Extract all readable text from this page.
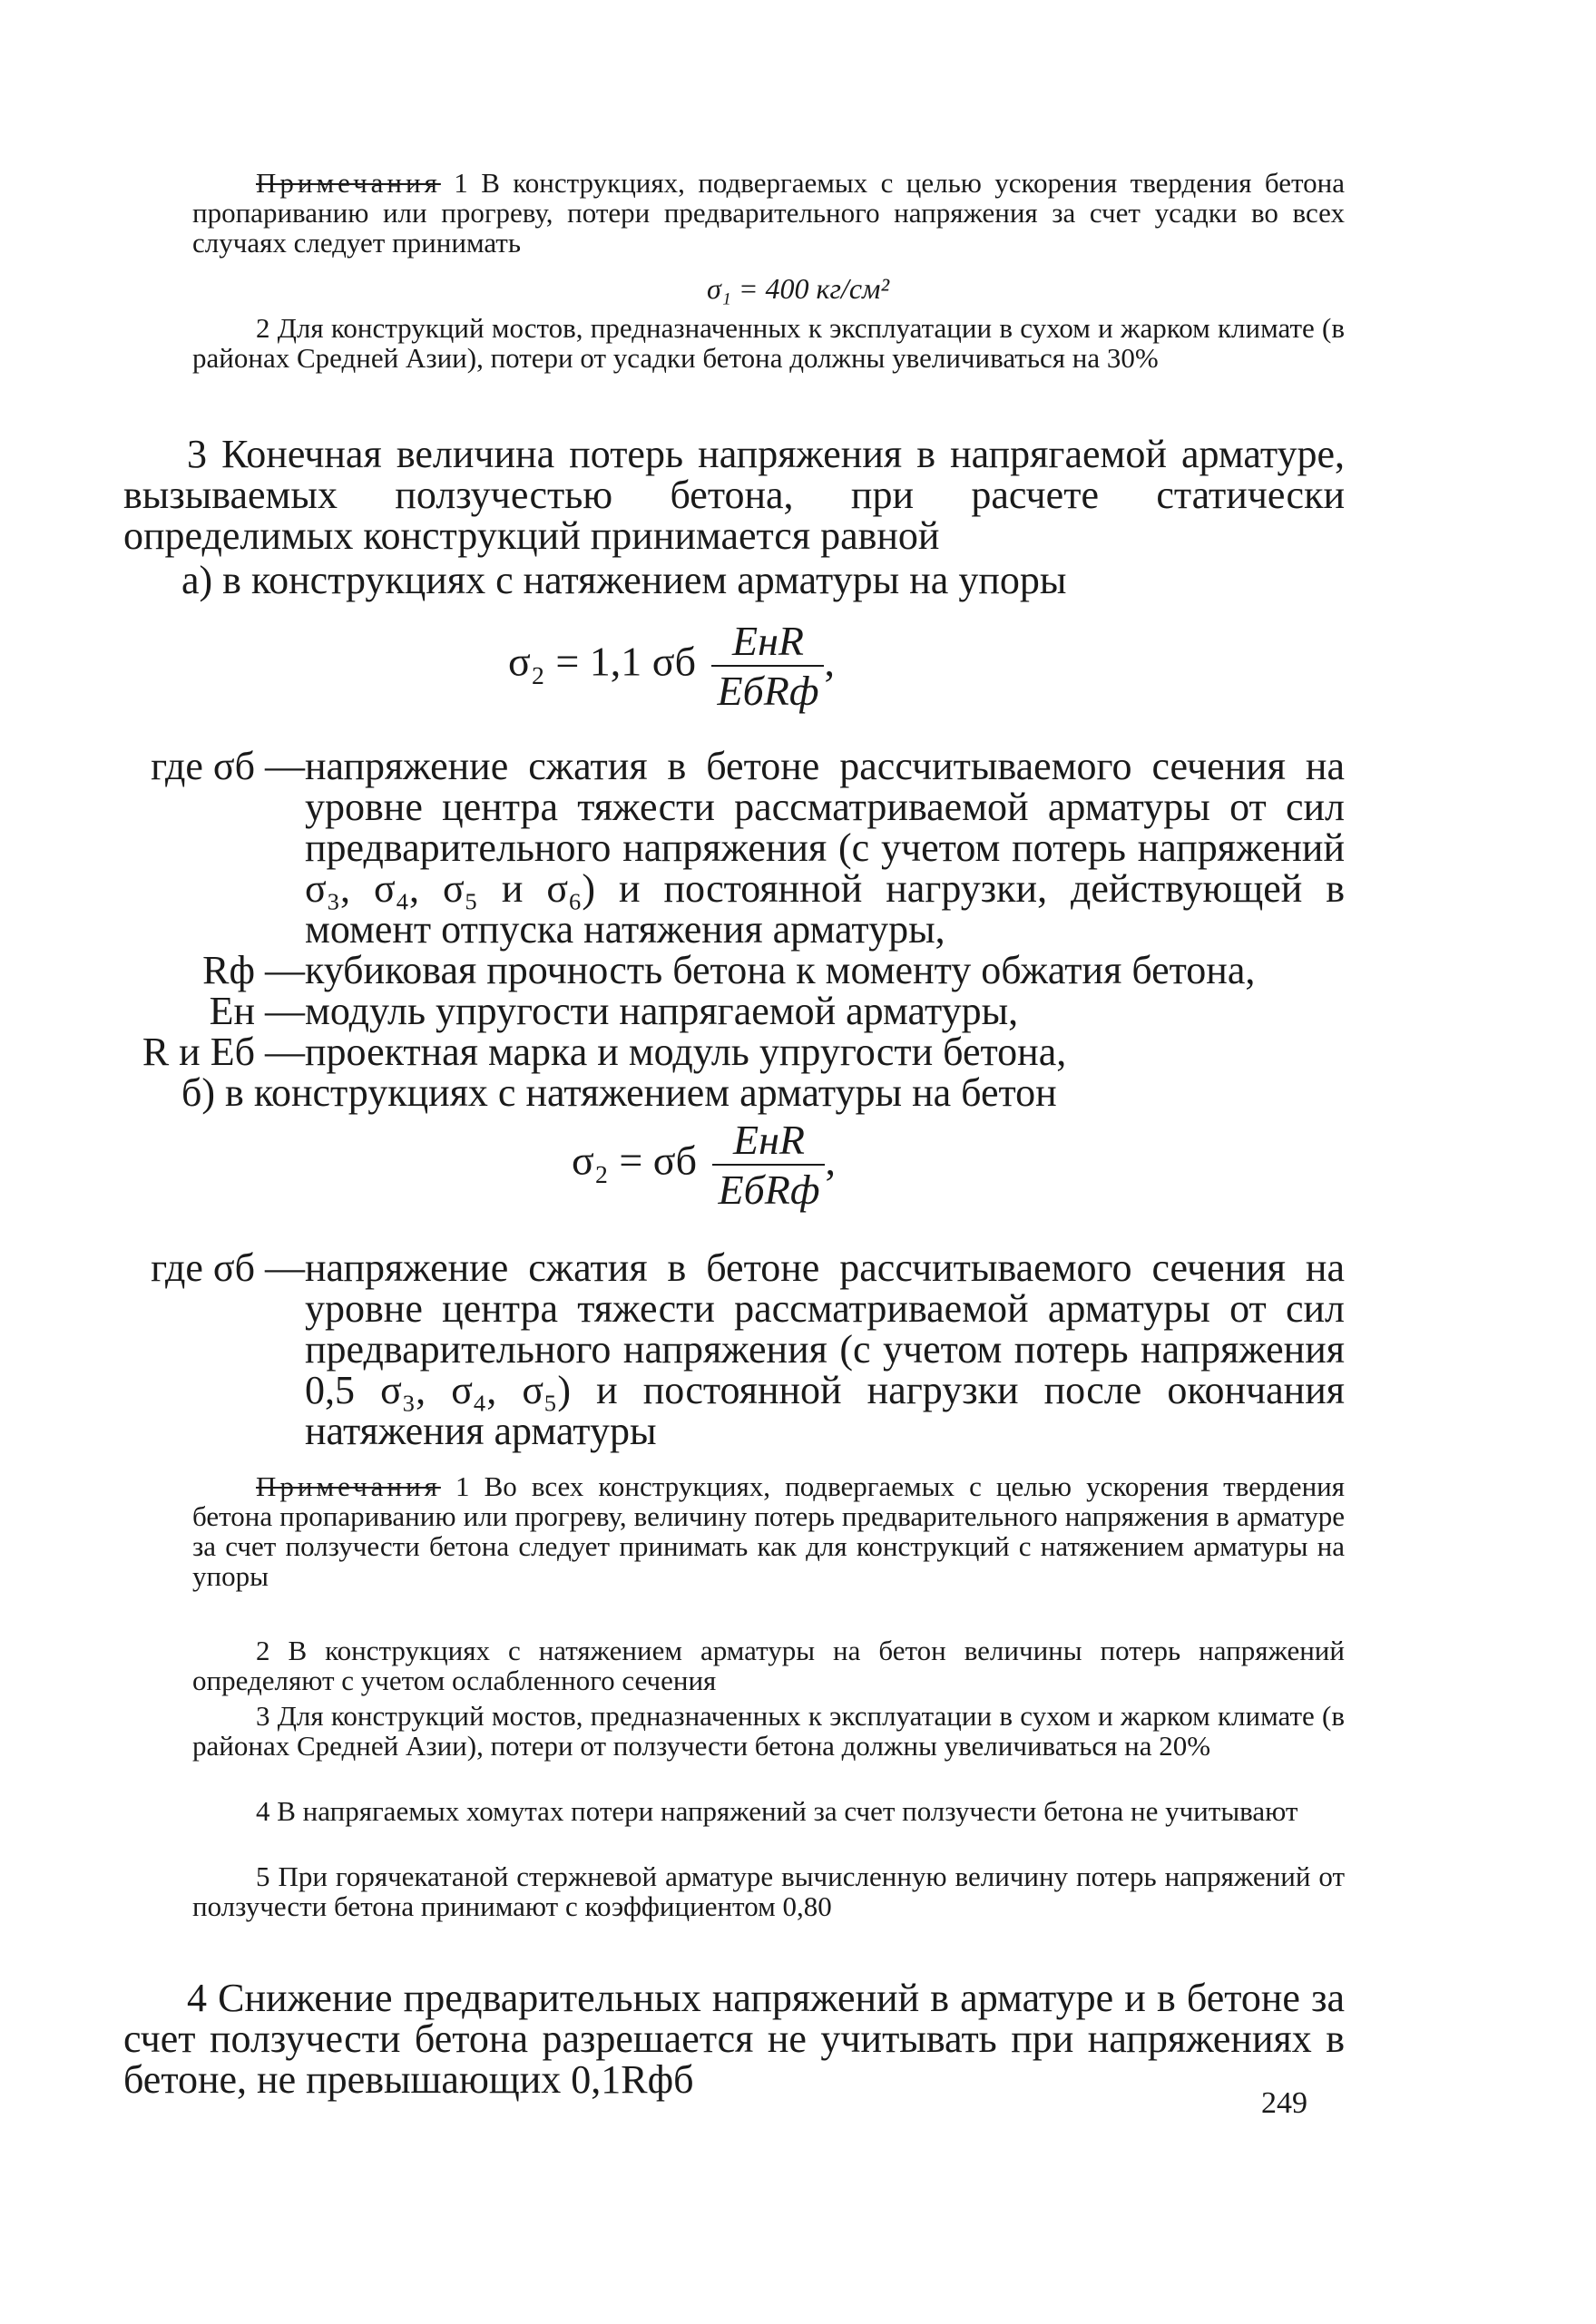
Примечания 1 В конструкциях, подвергаемых с целью ускорения твердения бетона пропариванию или прогреву, потери предварительного напряжения за счет усадки во всех случаях следует принимать
σ₁ = 400 кг/см²
2 Для конструкций мостов, предназначенных к эксплуатации в сухом и жарком климате (в районах Средней Азии), потери от усадки бетона должны увеличиваться на 30%
3 Конечная величина потерь напряжения в напрягаемой арматуре, вызываемых ползучестью бетона, при расчете статически определимых конструкций принимается равной
а) в конструкциях с натяжением арматуры на упоры
σ₂ = 1,1 σб $\frac{\text{EнR}}{\text{EбRф}}$ ,
где σб — напряжение сжатия в бетоне рассчитываемого сечения на уровне центра тяжести рассматриваемой арматуры от сил предварительного напряжения (с учетом потерь напряжений σ₃, σ₄, σ₅ и σ₆) и постоянной нагрузки, действующей в момент отпуска натяжения арматуры,
Rф — кубиковая прочность бетона к моменту обжатия бетона,
Eн — модуль упругости напрягаемой арматуры,
R и Eб — проектная марка и модуль упругости бетона,
б) в конструкциях с натяжением арматуры на бетон
σ₂ = σб $\frac{\text{EнR}}{\text{EбRф}}$ ,
где σб — напряжение сжатия в бетоне рассчитываемого сечения на уровне центра тяжести рассматриваемой арматуры от сил предварительного напряжения (с учетом потерь напряжения 0,5 σ₃, σ₄, σ₅) и постоянной нагрузки после окончания натяжения арматуры
Примечания 1 Во всех конструкциях, подвергаемых с целью ускорения твердения бетона пропариванию или прогреву, величину потерь предварительного напряжения в арматуре за счет ползучести бетона следует принимать как для конструкций с натяжением арматуры на упоры
2 В конструкциях с натяжением арматуры на бетон величины потерь напряжений определяют с учетом ослабленного сечения
3 Для конструкций мостов, предназначенных к эксплуатации в сухом и жарком климате (в районах Средней Азии), потери от ползучести бетона должны увеличиваться на 20%
4 В напрягаемых хомутах потери напряжений за счет ползучести бетона не учитывают
5 При горячекатаной стержневой арматуре вычисленную величину потерь напряжений от ползучести бетона принимают с коэффициентом 0,80
4 Снижение предварительных напряжений в арматуре и в бетоне за счет ползучести бетона разрешается не учитывать при напряжениях в бетоне, не превышающих 0,1Rфб
249
